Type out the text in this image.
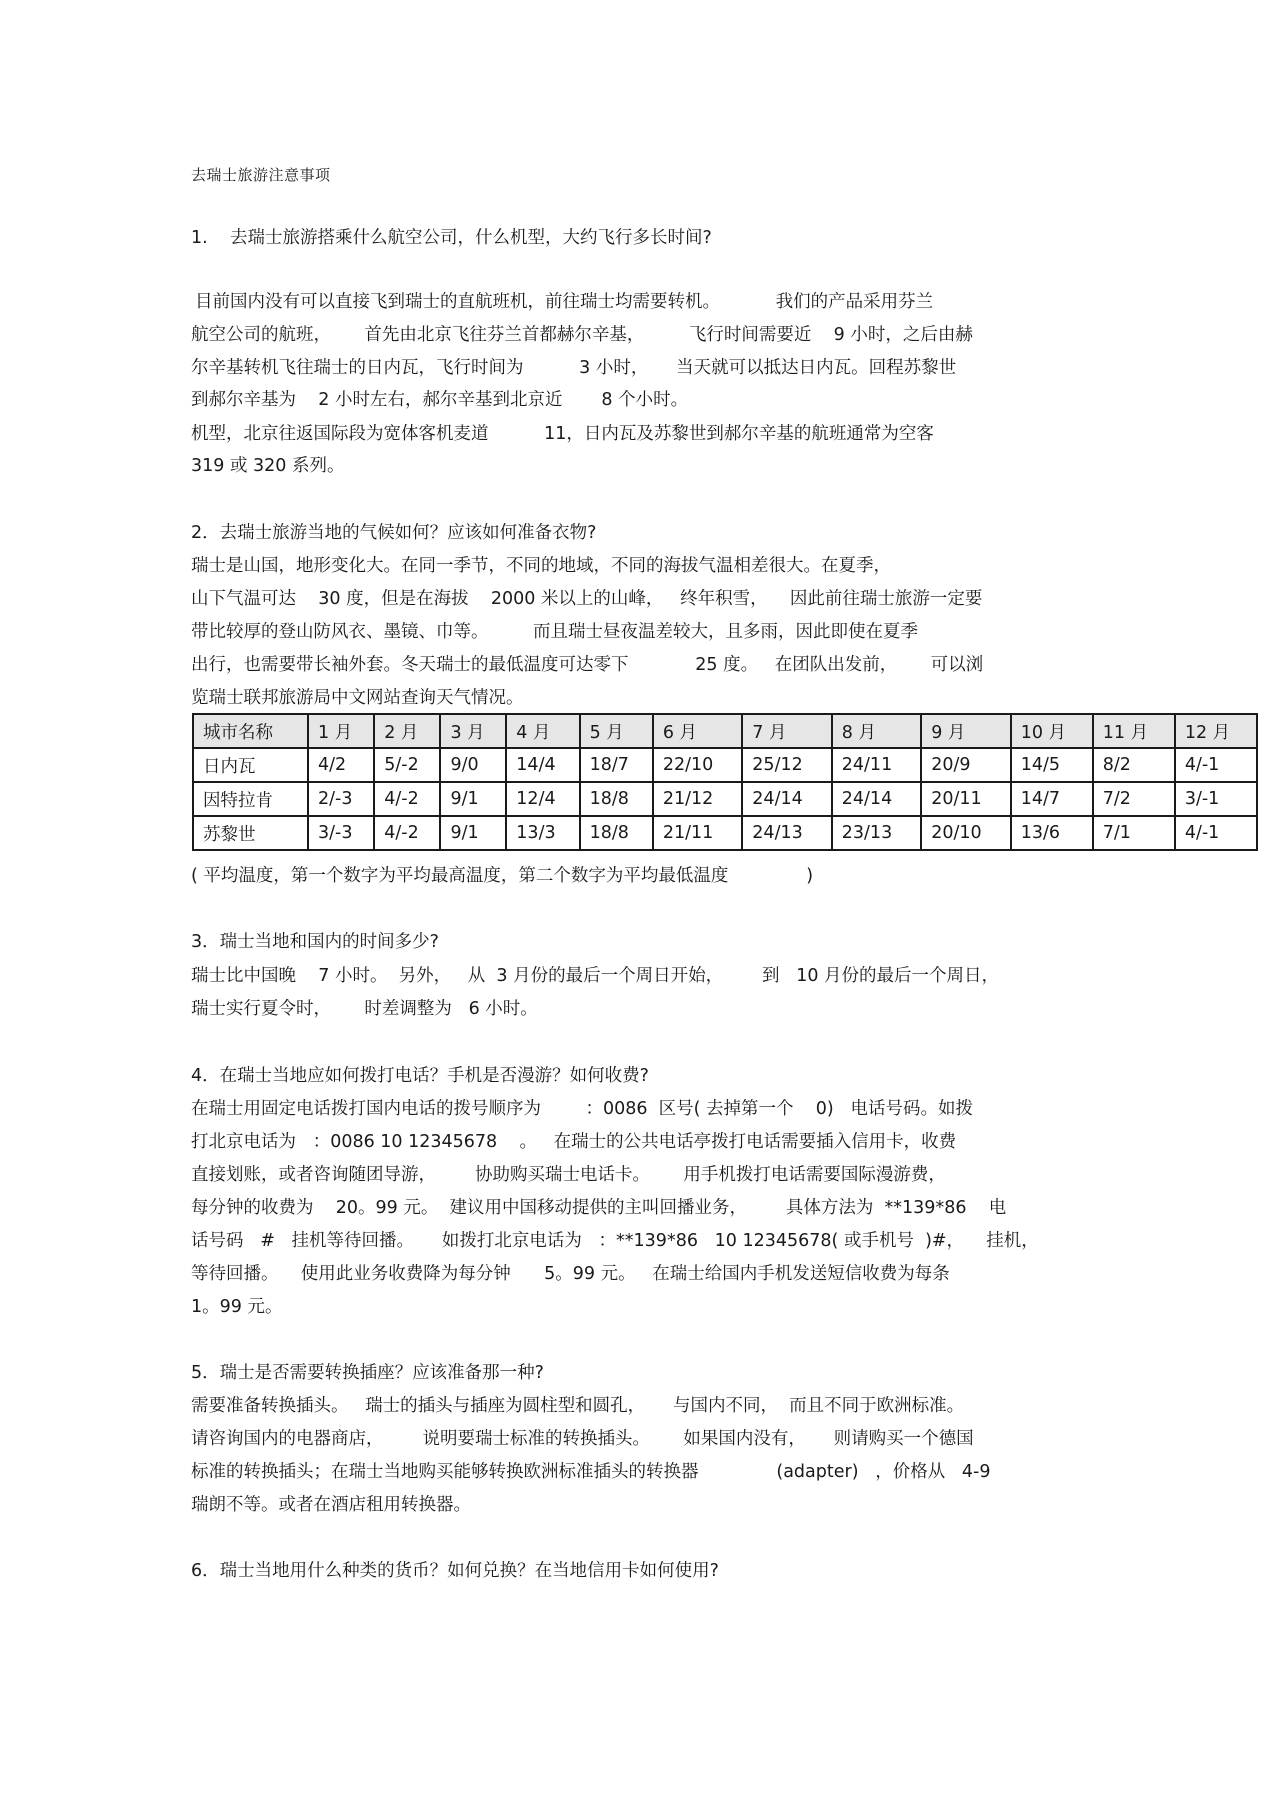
去瑞士旅游注意事项
1.    去瑞士旅游搭乘什么航空公司，什么机型，大约飞行多长时间?
目前国内没有可以直接飞到瑞士的直航班机，前往瑞士均需要转机。          我们的产品采用芬兰
航空公司的航班，      首先由北京飞往芬兰首都赫尔辛基，        飞行时间需要近    9 小时，之后由赫
尔辛基转机飞往瑞士的日内瓦，飞行时间为          3 小时，     当天就可以抵达日内瓦。回程苏黎世
到郝尔辛基为    2 小时左右，郝尔辛基到北京近       8 个小时。
机型，北京往返国际段为宽体客机麦道          11，日内瓦及苏黎世到郝尔辛基的航班通常为空客
319 或 320 系列。
2．去瑞士旅游当地的气候如何？应该如何准备衣物?
瑞士是山国，地形变化大。在同一季节，不同的地域，不同的海拔气温相差很大。在夏季，
山下气温可达    30 度，但是在海拔    2000 米以上的山峰，   终年积雪，    因此前往瑞士旅游一定要
带比较厚的登山防风衣、墨镜、巾等。        而且瑞士昼夜温差较大，且多雨，因此即使在夏季
出行，也需要带长袖外套。冬天瑞士的最低温度可达零下            25 度。   在团队出发前，      可以浏
览瑞士联邦旅游局中文网站查询天气情况。
城市名称	1 月	2 月	3 月	4 月	5 月	6 月	7 月	8 月	9 月	10 月	11 月	12 月
日内瓦	4/2	5/-2	9/0	14/4	18/7	22/10	25/12	24/11	20/9	14/5	8/2	4/-1
因特拉肯	2/-3	4/-2	9/1	12/4	18/8	21/12	24/14	24/14	20/11	14/7	7/2	3/-1
苏黎世	3/-3	4/-2	9/1	13/3	18/8	21/11	24/13	23/13	20/10	13/6	7/1	4/-1
( 平均温度，第一个数字为平均最高温度，第二个数字为平均最低温度              )
3．瑞士当地和国内的时间多少?
瑞士比中国晚    7 小时。  另外，   从  3 月份的最后一个周日开始，       到   10 月份的最后一个周日，
瑞士实行夏令时，      时差调整为   6 小时。
4．在瑞士当地应如何拨打电话？手机是否漫游？如何收费?
在瑞士用固定电话拨打国内电话的拨号顺序为        ：0086  区号( 去掉第一个    0)   电话号码。如拨
打北京电话为   ：0086 10 12345678    。   在瑞士的公共电话亭拨打电话需要插入信用卡，收费
直接划账，或者咨询随团导游，       协助购买瑞士电话卡。      用手机拨打电话需要国际漫游费，
每分钟的收费为    20。99 元。  建议用中国移动提供的主叫回播业务，       具体方法为  **139*86    电
话号码   #   挂机等待回播。     如拨打北京电话为   ：**139*86   10 12345678( 或手机号  )#，    挂机，
等待回播。    使用此业务收费降为每分钟      5。99 元。   在瑞士给国内手机发送短信收费为每条
1。99 元。
5．瑞士是否需要转换插座？应该准备那一种?
需要准备转换插头。   瑞士的插头与插座为圆柱型和圆孔，     与国内不同，  而且不同于欧洲标准。
请咨询国内的电器商店，       说明要瑞士标准的转换插头。      如果国内没有，     则请购买一个德国
标准的转换插头；在瑞士当地购买能够转换欧洲标准插头的转换器              (adapter)   ，价格从   4-9
瑞朗不等。或者在酒店租用转换器。
6．瑞士当地用什么种类的货币？如何兑换？在当地信用卡如何使用?
